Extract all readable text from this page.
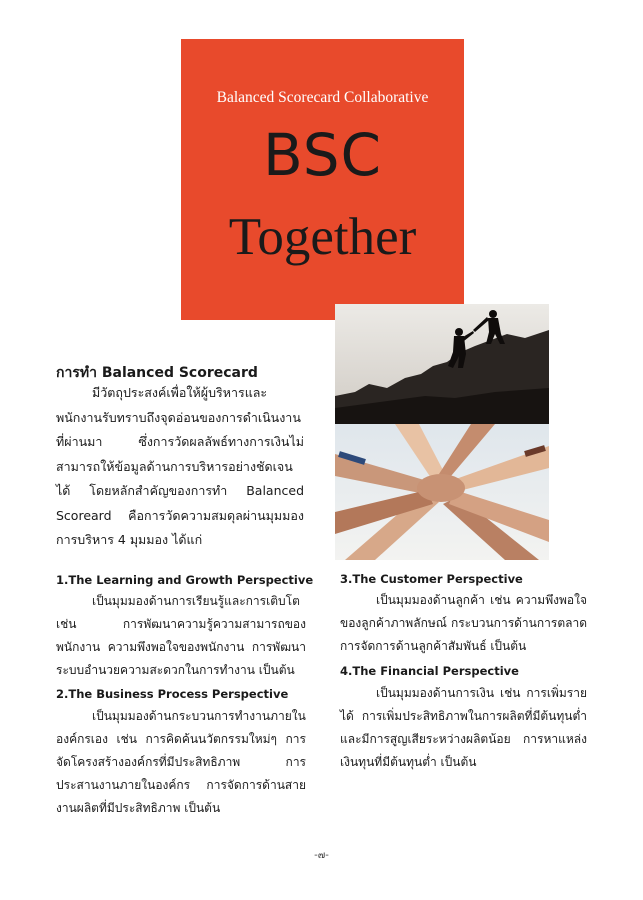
Balanced Scorecard Collaborative
BSC
Together
การทำ Balanced Scorecard
มีวัตถุประสงค์เพื่อให้ผู้บริหารและพนักงานรับทราบถึงจุดอ่อนของการดำเนินงานที่ผ่านมา ซึ่งการวัดผลลัพธ์ทางการเงินไม่สามารถให้ข้อมูลด้านการบริหารอย่างชัดเจนได้ โดยหลักสำคัญของการทำ Balanced Scoreard คือการวัดความสมดุลผ่านมุมมองการบริหาร 4 มุมมอง ได้แก่
1.The Learning and Growth Perspective
เป็นมุมมองด้านการเรียนรู้และการเติบโต เช่น การพัฒนาความรู้ความสามารถของพนักงาน ความพึงพอใจของพนักงาน การพัฒนาระบบอำนวยความสะดวกในการทำงาน เป็นต้น
2.The Business Process Perspective
เป็นมุมมองด้านกระบวนการทำงานภายในองค์กรเอง เช่น การคิดค้นนวัตกรรมใหม่ๆ การจัดโครงสร้างองค์กรที่มีประสิทธิภาพ การประสานงานภายในองค์กร การจัดการด้านสายงานผลิตที่มีประสิทธิภาพ เป็นต้น
3.The Customer Perspective
เป็นมุมมองด้านลูกค้า เช่น ความพึงพอใจของลูกค้าภาพลักษณ์ กระบวนการด้านการตลาด การจัดการด้านลูกค้าสัมพันธ์ เป็นต้น
4.The Financial Perspective
เป็นมุมมองด้านการเงิน เช่น การเพิ่มรายได้ การเพิ่มประสิทธิภาพในการผลิตที่มีต้นทุนต่ำ และมีการสูญเสียระหว่างผลิตน้อย การหาแหล่งเงินทุนที่มีต้นทุนต่ำ เป็นต้น
-๗-
